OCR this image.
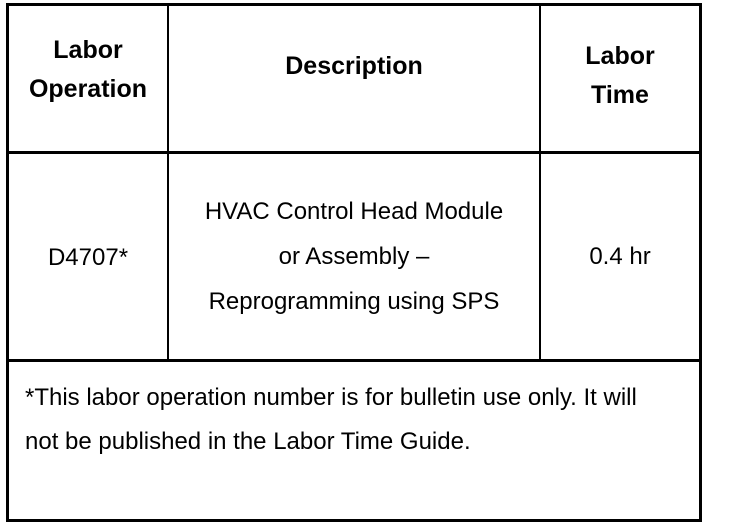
Labor Operation
Description	Labor Time
D4707*
HVAC Control Head Module or Assembly – Reprogramming using SPS
0.4 hr
*This labor operation number is for bulletin use only. It will not be published in the Labor Time Guide.
